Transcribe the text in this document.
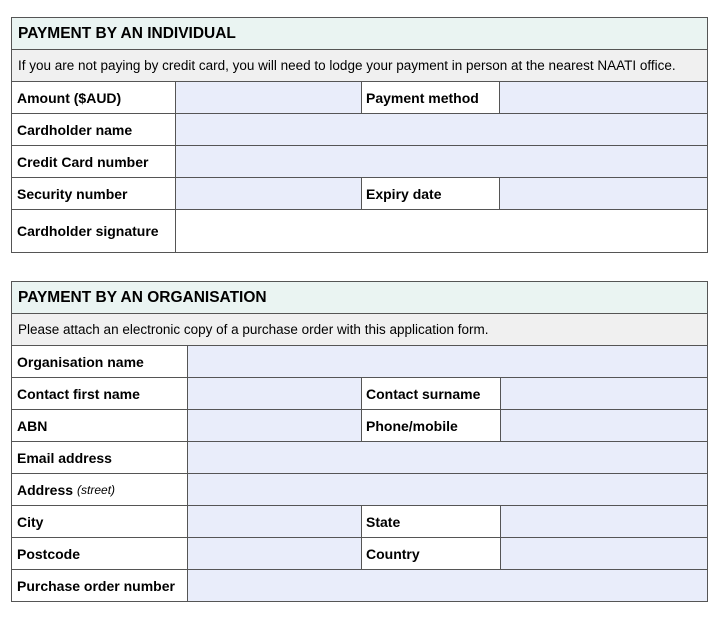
PAYMENT BY AN INDIVIDUAL
If you are not paying by credit card, you will need to lodge your payment in person at the nearest NAATI office.
Amount ($AUD)	Payment method
Cardholder name
Credit Card number
Security number	Expiry date
Cardholder signature
PAYMENT BY AN ORGANISATION
Please attach an electronic copy of a purchase order with this application form.
Organisation name
Contact first name	Contact surname
ABN	Phone/mobile
Email address
Address (street)
City	State
Postcode	Country
Purchase order number
